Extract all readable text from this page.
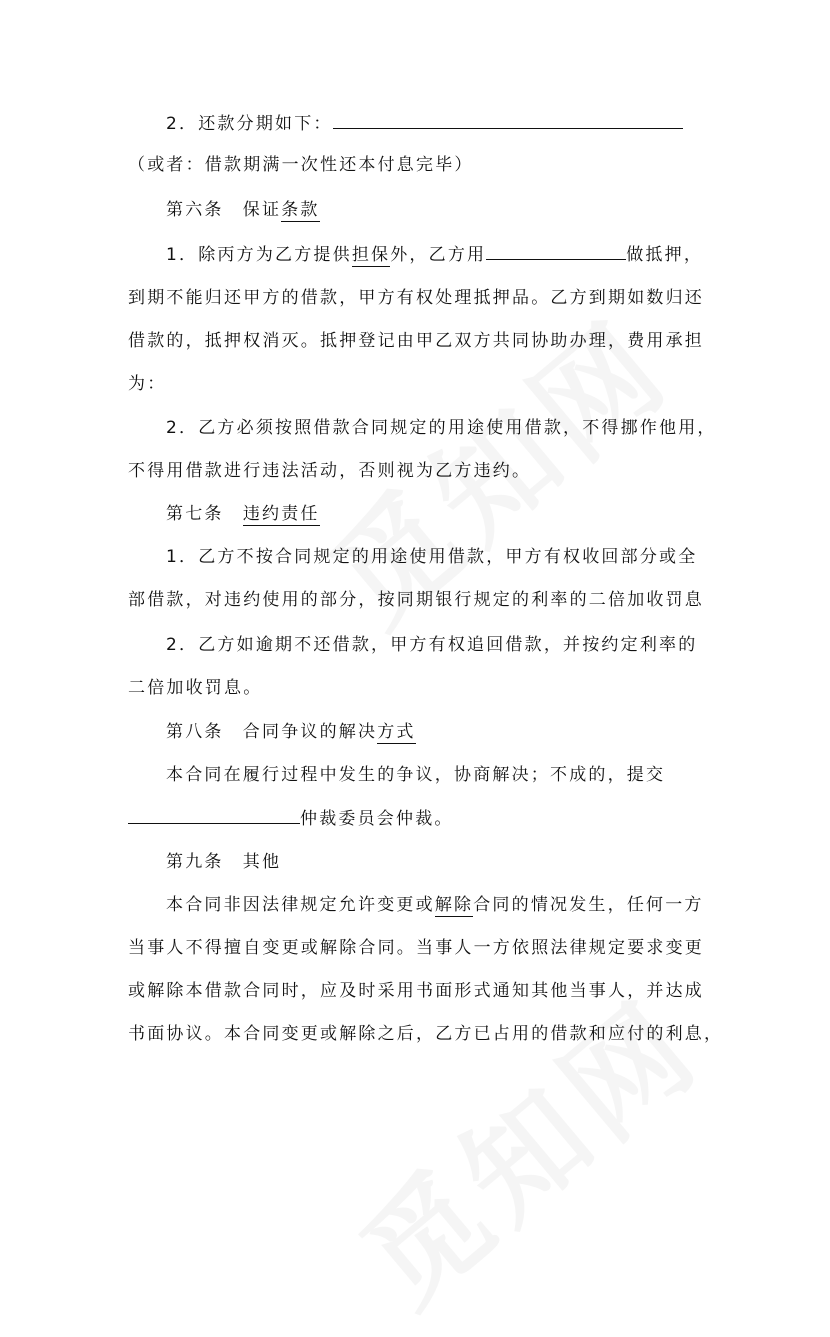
2．还款分期如下：
（或者：借款期满一次性还本付息完毕）
第六条　保证条款
1．除丙方为乙方提供担保外，乙方用	做抵押，
到期不能归还甲方的借款，甲方有权处理抵押品。乙方到期如数归还
借款的，抵押权消灭。抵押登记由甲乙双方共同协助办理，费用承担
为：
2．乙方必须按照借款合同规定的用途使用借款，不得挪作他用，
不得用借款进行违法活动，否则视为乙方违约。
第七条　违约责任
1．乙方不按合同规定的用途使用借款，甲方有权收回部分或全
部借款，对违约使用的部分，按同期银行规定的利率的二倍加收罚息
2．乙方如逾期不还借款，甲方有权追回借款，并按约定利率的
二倍加收罚息。
第八条　合同争议的解决方式
本合同在履行过程中发生的争议，协商解决；不成的，提交
仲裁委员会仲裁。
第九条　其他
本合同非因法律规定允许变更或解除合同的情况发生，任何一方
当事人不得擅自变更或解除合同。当事人一方依照法律规定要求变更
或解除本借款合同时，应及时采用书面形式通知其他当事人，并达成
书面协议。本合同变更或解除之后，乙方已占用的借款和应付的利息，
